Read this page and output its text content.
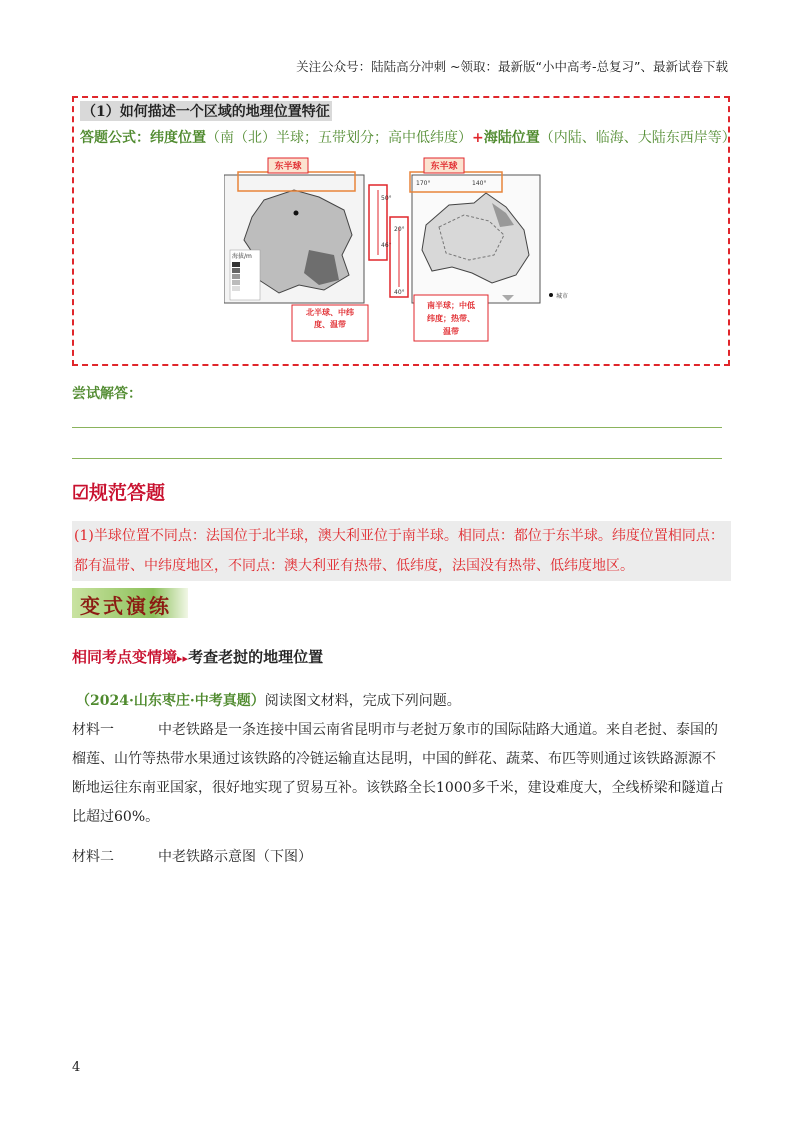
关注公众号：陆陆高分冲刺 ~领取：最新版“小中高考-总复习”、最新试卷下载
（1）如何描述一个区域的地理位置特征
答题公式：纬度位置（南（北）半球；五带划分；高中低纬度）+海陆位置（内陆、临海、大陆东西岸等）
海拔/m
东半球
50°
46°
北半球、中纬
度、温带
20°
40°
170°	140°
东半球
城市
南半球；中低
纬度；热带、
温带
尝试解答：
☑规范答题
(1)半球位置不同点：法国位于北半球，澳大利亚位于南半球。相同点：都位于东半球。纬度位置相同点：都有温带、中纬度地区，不同点：澳大利亚有热带、低纬度，法国没有热带、低纬度地区。
变式演练
相同考点变情境▸▸考查老挝的地理位置
（2024·山东枣庄·中考真题）阅读图文材料，完成下列问题。
材料一	中老铁路是一条连接中国云南省昆明市与老挝万象市的国际陆路大通道。来自老挝、泰国的榴莲、山竹等热带水果通过该铁路的冷链运输直达昆明，中国的鲜花、蔬菜、布匹等则通过该铁路源源不断地运往东南亚国家，很好地实现了贸易互补。该铁路全长1000多千米，建设难度大，全线桥梁和隧道占比超过60%。
材料二	中老铁路示意图（下图）
4
